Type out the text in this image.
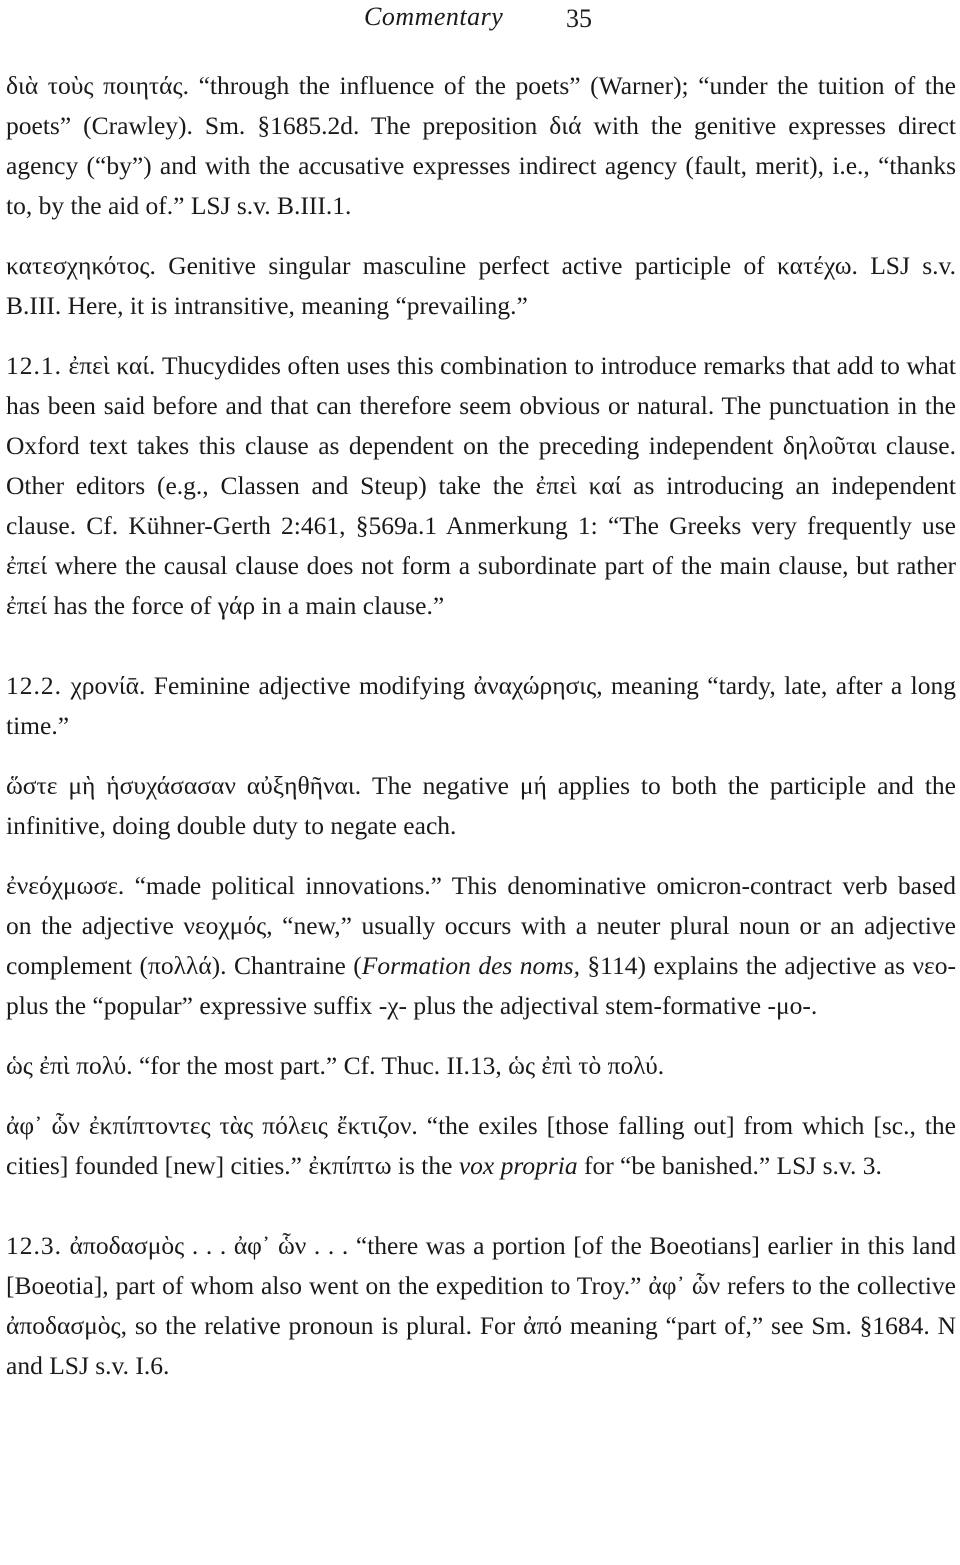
Commentary 35

διὰ τοὺς ποιητάς. “through the influence of the poets” (Warner); “under the tuition of the poets” (Crawley). Sm. §1685.2d. The preposition διά with the genitive expresses direct agency (“by”) and with the accusative expresses indirect agency (fault, merit), i.e., “thanks to, by the aid of.” LSJ s.v. B.III.1.

κατεσχηκότος. Genitive singular masculine perfect active participle of κατέχω. LSJ s.v. B.III. Here, it is intransitive, meaning “prevailing.”

12.1. ἐπεὶ καί. Thucydides often uses this combination to introduce remarks that add to what has been said before and that can therefore seem obvious or natural. The punctuation in the Oxford text takes this clause as dependent on the preceding independent δηλοῦται clause. Other editors (e.g., Classen and Steup) take the ἐπεὶ καί as introducing an independent clause. Cf. Kühner-Gerth 2:461, §569a.1 Anmerkung 1: “The Greeks very frequently use ἐπεί where the causal clause does not form a subordinate part of the main clause, but rather ἐπεί has the force of γάρ in a main clause.”

12.2. χρονίᾱ. Feminine adjective modifying ἀναχώρησις, meaning “tardy, late, after a long time.”

ὥστε μὴ ἡσυχάσασαν αὐξηθῆναι. The negative μή applies to both the participle and the infinitive, doing double duty to negate each.

ἐνεόχμωσε. “made political innovations.” This denominative omicron-contract verb based on the adjective νεοχμός, “new,” usually occurs with a neuter plural noun or an adjective complement (πολλά). Chantraine (Formation des noms, §114) explains the adjective as νεο- plus the “popular” expressive suffix -χ- plus the adjectival stem-formative -μο-.

ὡς ἐπὶ πολύ. “for the most part.” Cf. Thuc. II.13, ὡς ἐπὶ τὸ πολύ.

ἀφ᾽ ὧν ἐκπίπτοντες τὰς πόλεις ἔκτιζον. “the exiles [those falling out] from which [sc., the cities] founded [new] cities.” ἐκπίπτω is the vox propria for “be banished.” LSJ s.v. 3.

12.3. ἀποδασμὸς . . . ἀφ᾽ ὧν . . . “there was a portion [of the Boeotians] earlier in this land [Boeotia], part of whom also went on the expedition to Troy.” ἀφ᾽ ὧν refers to the collective ἀποδασμὸς, so the relative pronoun is plural. For ἀπό meaning “part of,” see Sm. §1684. N and LSJ s.v. I.6.
